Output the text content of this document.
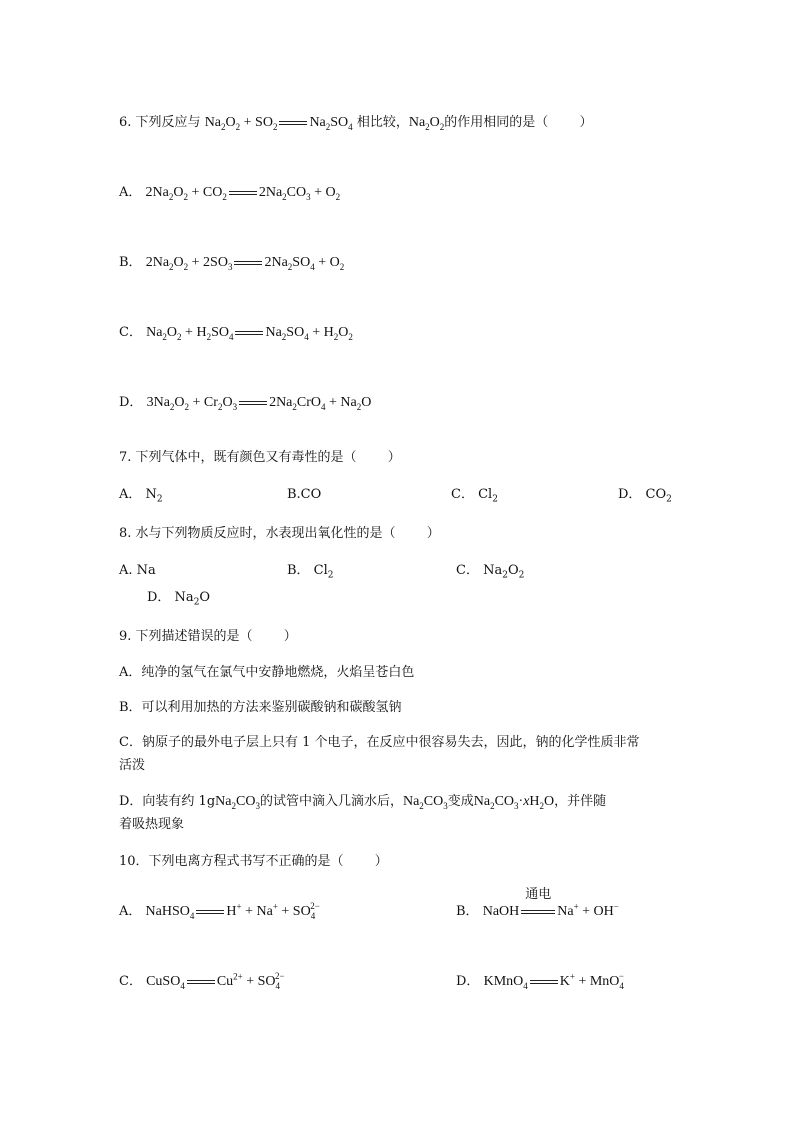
6. 下列反应与 $Na_2O_2 + SO_2$ $Na_2SO_4$ 相比较，$Na_2O_2$的作用相同的是（ ）
A． $2Na_2O_2 + CO_2$ $2Na_2CO_3 + O_2$
B． $2Na_2O_2 + 2SO_3$ $2Na_2SO_4 + O_2$
C． $Na_2O_2 + H_2SO_4$ $Na_2SO_4 + H_2O_2$
D． $3Na_2O_2 + Cr_2O_3$ $2Na_2CrO_4 + Na_2O$
7. 下列气体中，既有颜色又有毒性的是（ ）
A． $N_2$	B.CO	C． $Cl_2$	D． $CO_2$
8. 水与下列物质反应时，水表现出氧化性的是（ ）
A. Na	B． $Cl_2$	C． $Na_2O_2$
D． $Na_2O$
9. 下列描述错误的是（ ）
A．纯净的氢气在氯气中安静地燃烧，火焰呈苍白色
B．可以利用加热的方法来鉴别碳酸钠和碳酸氢钠
C．钠原子的最外电子层上只有 1 个电子，在反应中很容易失去，因此，钠的化学性质非常
活泼
D．向装有约 $1gNa_2CO_3$的试管中滴入几滴水后，$Na_2CO_3$变成$Na_2CO_3\cdot xH_2O$，并伴随
着吸热现象
10．下列电离方程式书写不正确的是（ ）
A． NaHSO$_4$ $H^+ + Na^+ + SO_4^{2-}$	B． NaOH
通电
Na+ + OH−
C． CuSO$_4$ $Cu^{2+} + SO_4^{2-}$	D． KMnO$_4$ K+ + MnO$_4$−
